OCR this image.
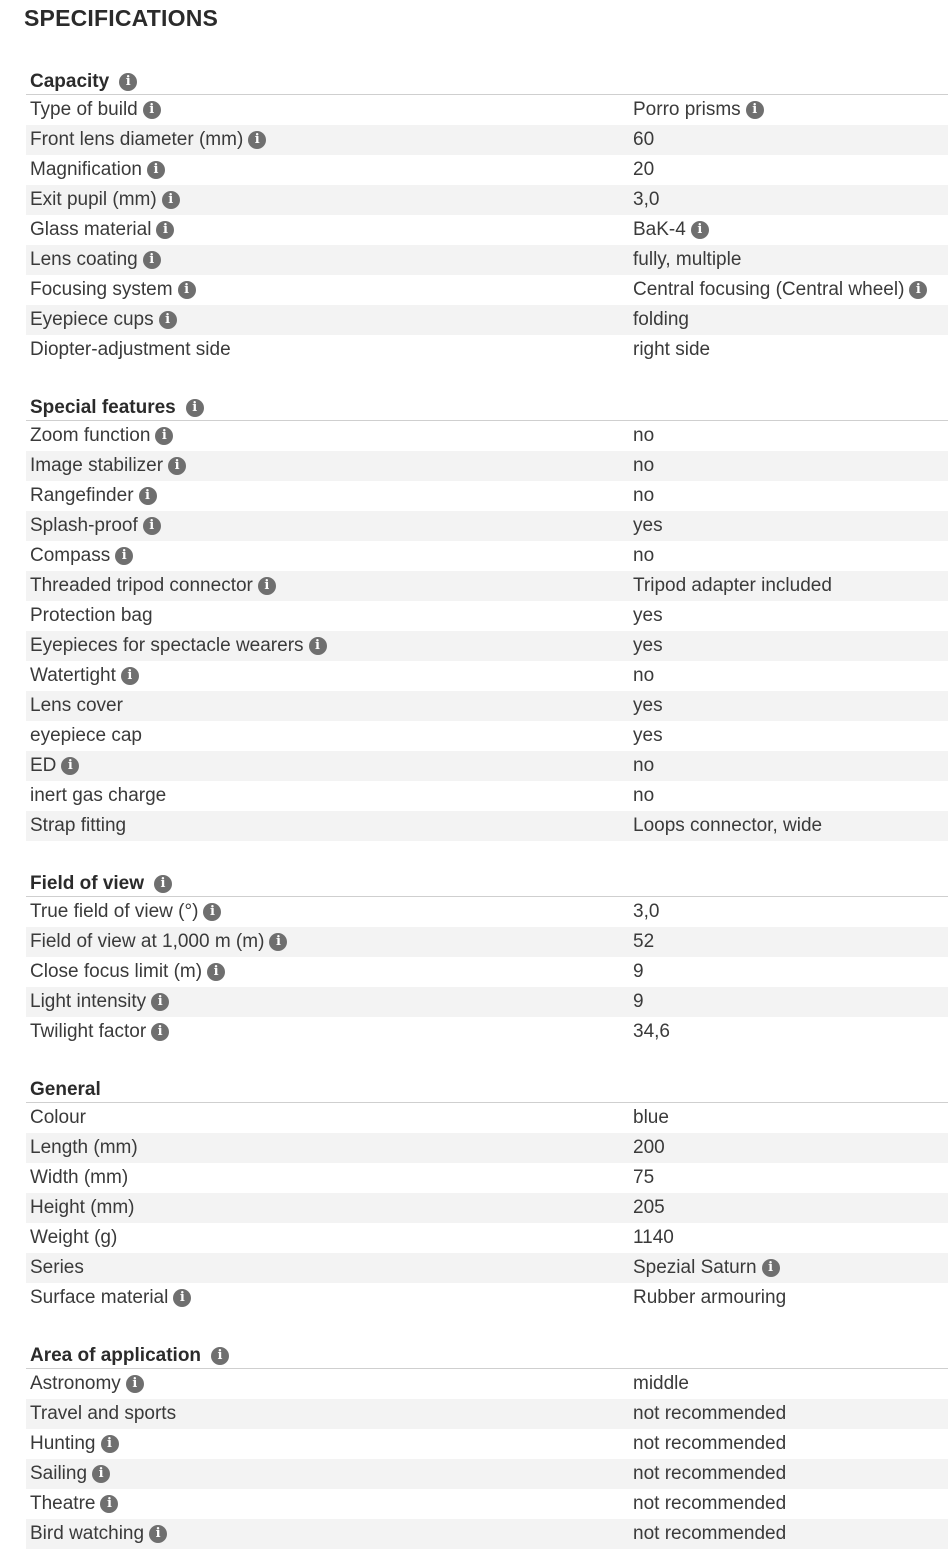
SPECIFICATIONS
Capacity	i
Type of build i	Porro prisms i
Front lens diameter (mm) i	60
Magnification i	20
Exit pupil (mm) i	3,0
Glass material i	BaK-4 i
Lens coating i	fully, multiple
Focusing system i	Central focusing (Central wheel) i
Eyepiece cups i	folding
Diopter-adjustment side	right side
Special features	i
Zoom function i	no
Image stabilizer i	no
Rangefinder i	no
Splash-proof i	yes
Compass i	no
Threaded tripod connector i	Tripod adapter included
Protection bag	yes
Eyepieces for spectacle wearers i	yes
Watertight i	no
Lens cover	yes
eyepiece cap	yes
ED i	no
inert gas charge	no
Strap fitting	Loops connector, wide
Field of view	i
True field of view (°) i	3,0
Field of view at 1,000 m (m) i	52
Close focus limit (m) i	9
Light intensity i	9
Twilight factor i	34,6
General
Colour	blue
Length (mm)	200
Width (mm)	75
Height (mm)	205
Weight (g)	1140
Series	Spezial Saturn i
Surface material i	Rubber armouring
Area of application	i
Astronomy i	middle
Travel and sports	not recommended
Hunting i	not recommended
Sailing i	not recommended
Theatre i	not recommended
Bird watching i	not recommended
